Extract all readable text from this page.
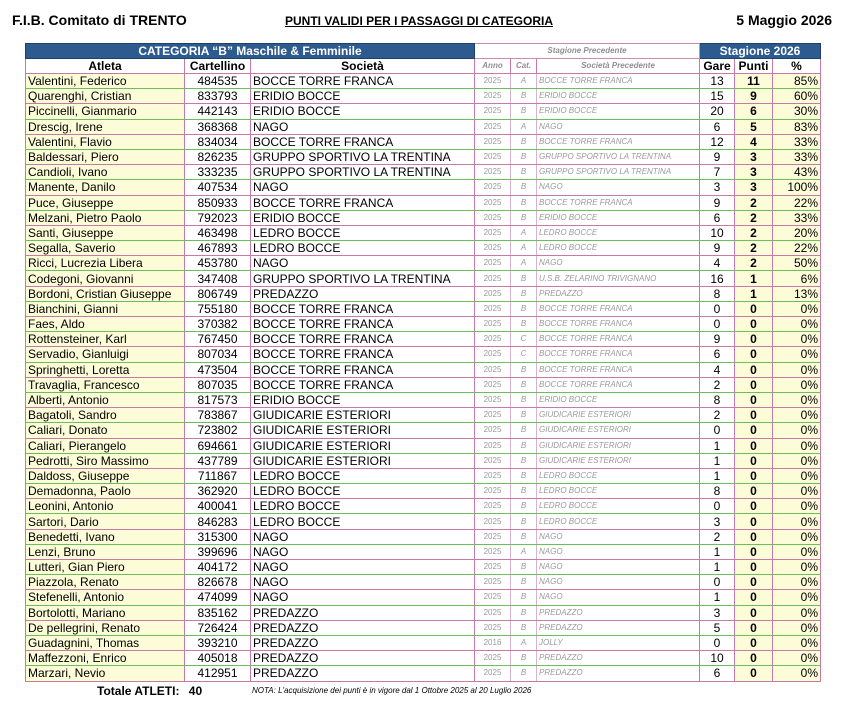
F.I.B. Comitato di TRENTO	PUNTI VALIDI PER I PASSAGGI DI CATEGORIA	5 Maggio 2026
CATEGORIA “B” Maschile & Femminile			Stagione Precedente			Stagione 2026		
Atleta	Cartellino	Società	Anno	Cat.	Società Precedente	Gare	Punti	%
Valentini, Federico	484535	BOCCE TORRE FRANCA	2025	A	BOCCE TORRE FRANCA	13	11	85%
Quarenghi, Cristian	833793	ERIDIO BOCCE	2025	B	ERIDIO BOCCE	15	9	60%
Piccinelli, Gianmario	442143	ERIDIO BOCCE	2025	B	ERIDIO BOCCE	20	6	30%
Drescig, Irene	368368	NAGO	2025	A	NAGO	6	5	83%
Valentini, Flavio	834034	BOCCE TORRE FRANCA	2025	B	BOCCE TORRE FRANCA	12	4	33%
Baldessari, Piero	826235	GRUPPO SPORTIVO LA TRENTINA	2025	B	GRUPPO SPORTIVO LA TRENTINA	9	3	33%
Candioli, Ivano	333235	GRUPPO SPORTIVO LA TRENTINA	2025	B	GRUPPO SPORTIVO LA TRENTINA	7	3	43%
Manente, Danilo	407534	NAGO	2025	B	NAGO	3	3	100%
Puce, Giuseppe	850933	BOCCE TORRE FRANCA	2025	B	BOCCE TORRE FRANCA	9	2	22%
Melzani, Pietro Paolo	792023	ERIDIO BOCCE	2025	B	ERIDIO BOCCE	6	2	33%
Santi, Giuseppe	463498	LEDRO BOCCE	2025	A	LEDRO BOCCE	10	2	20%
Segalla, Saverio	467893	LEDRO BOCCE	2025	A	LEDRO BOCCE	9	2	22%
Ricci, Lucrezia Libera	453780	NAGO	2025	A	NAGO	4	2	50%
Codegoni, Giovanni	347408	GRUPPO SPORTIVO LA TRENTINA	2025	B	U.S.B. ZELARINO TRIVIGNANO	16	1	6%
Bordoni, Cristian Giuseppe	806749	PREDAZZO	2025	B	PREDAZZO	8	1	13%
Bianchini, Gianni	755180	BOCCE TORRE FRANCA	2025	B	BOCCE TORRE FRANCA	0	0	0%
Faes, Aldo	370382	BOCCE TORRE FRANCA	2025	B	BOCCE TORRE FRANCA	0	0	0%
Rottensteiner, Karl	767450	BOCCE TORRE FRANCA	2025	C	BOCCE TORRE FRANCA	9	0	0%
Servadio, Gianluigi	807034	BOCCE TORRE FRANCA	2025	C	BOCCE TORRE FRANCA	6	0	0%
Springhetti, Loretta	473504	BOCCE TORRE FRANCA	2025	B	BOCCE TORRE FRANCA	4	0	0%
Travaglia, Francesco	807035	BOCCE TORRE FRANCA	2025	B	BOCCE TORRE FRANCA	2	0	0%
Alberti, Antonio	817573	ERIDIO BOCCE	2025	B	ERIDIO BOCCE	8	0	0%
Bagatoli, Sandro	783867	GIUDICARIE ESTERIORI	2025	B	GIUDICARIE ESTERIORI	2	0	0%
Caliari, Donato	723802	GIUDICARIE ESTERIORI	2025	B	GIUDICARIE ESTERIORI	0	0	0%
Caliari, Pierangelo	694661	GIUDICARIE ESTERIORI	2025	B	GIUDICARIE ESTERIORI	1	0	0%
Pedrotti, Siro Massimo	437789	GIUDICARIE ESTERIORI	2025	B	GIUDICARIE ESTERIORI	1	0	0%
Daldoss, Giuseppe	711867	LEDRO BOCCE	2025	B	LEDRO BOCCE	1	0	0%
Demadonna, Paolo	362920	LEDRO BOCCE	2025	B	LEDRO BOCCE	8	0	0%
Leonini, Antonio	400041	LEDRO BOCCE	2025	B	LEDRO BOCCE	0	0	0%
Sartori, Dario	846283	LEDRO BOCCE	2025	B	LEDRO BOCCE	3	0	0%
Benedetti, Ivano	315300	NAGO	2025	B	NAGO	2	0	0%
Lenzi, Bruno	399696	NAGO	2025	A	NAGO	1	0	0%
Lutteri, Gian Piero	404172	NAGO	2025	B	NAGO	1	0	0%
Piazzola, Renato	826678	NAGO	2025	B	NAGO	0	0	0%
Stefenelli, Antonio	474099	NAGO	2025	B	NAGO	1	0	0%
Bortolotti, Mariano	835162	PREDAZZO	2025	B	PREDAZZO	3	0	0%
De pellegrini, Renato	726424	PREDAZZO	2025	B	PREDAZZO	5	0	0%
Guadagnini, Thomas	393210	PREDAZZO	2016	A	JOLLY	0	0	0%
Maffezzoni, Enrico	405018	PREDAZZO	2025	B	PREDAZZO	10	0	0%
Marzari, Nevio	412951	PREDAZZO	2025	B	PREDAZZO	6	0	0%
Totale ATLETI: 40	NOTA: L'acquisizione dei punti è in vigore dal 1 Ottobre 2025 al 20 Luglio 2026
